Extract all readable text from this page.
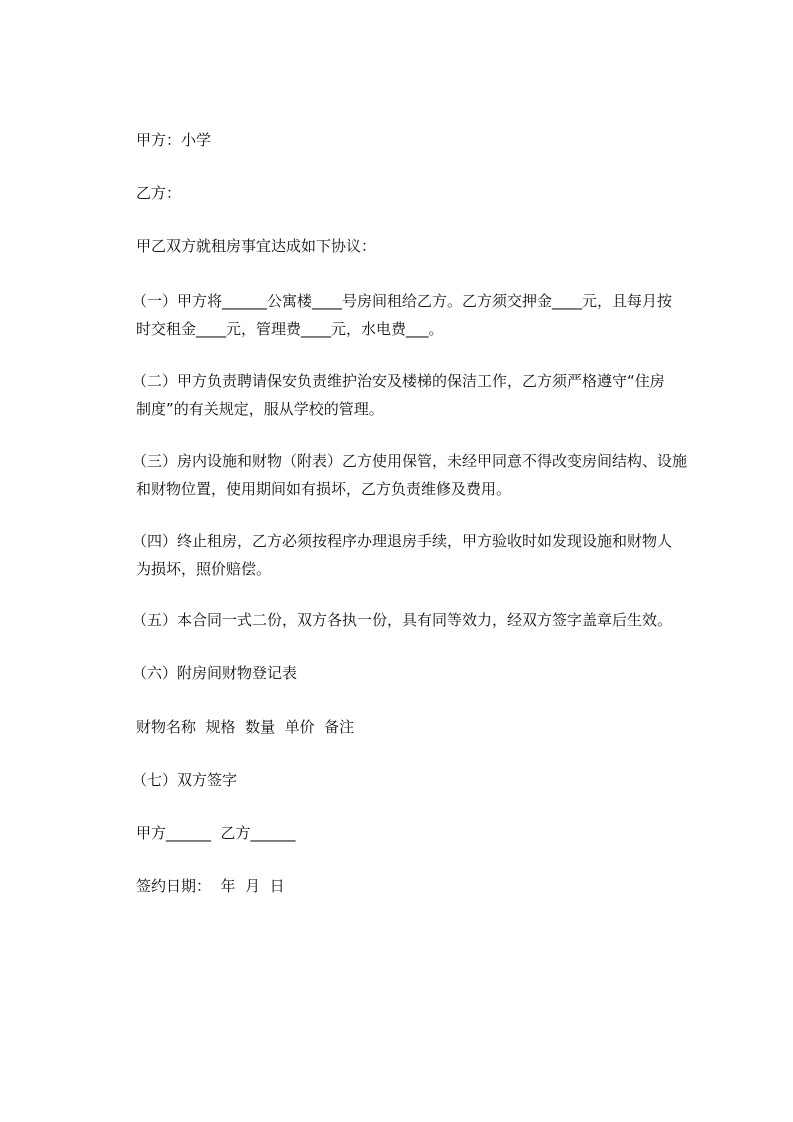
甲方：小学

乙方：

甲乙双方就租房事宜达成如下协议：

（一）甲方将______公寓楼____号房间租给乙方。乙方须交押金____元，且每月按
时交租金____元，管理费____元，水电费___。
（二）甲方负责聘请保安负责维护治安及楼梯的保洁工作，乙方须严格遵守“住房
制度”的有关规定，服从学校的管理。
（三）房内设施和财物（附表）乙方使用保管，未经甲同意不得改变房间结构、设施
和财物位置，使用期间如有损坏，乙方负责维修及费用。
（四）终止租房，乙方必须按程序办理退房手续，甲方验收时如发现设施和财物人
为损坏，照价赔偿。

（五）本合同一式二份，双方各执一份，具有同等效力，经双方签字盖章后生效。

（六）附房间财物登记表

财物名称  规格  数量  单价  备注

（七）双方签字

甲方______  乙方______

签约日期：  年  月  日
